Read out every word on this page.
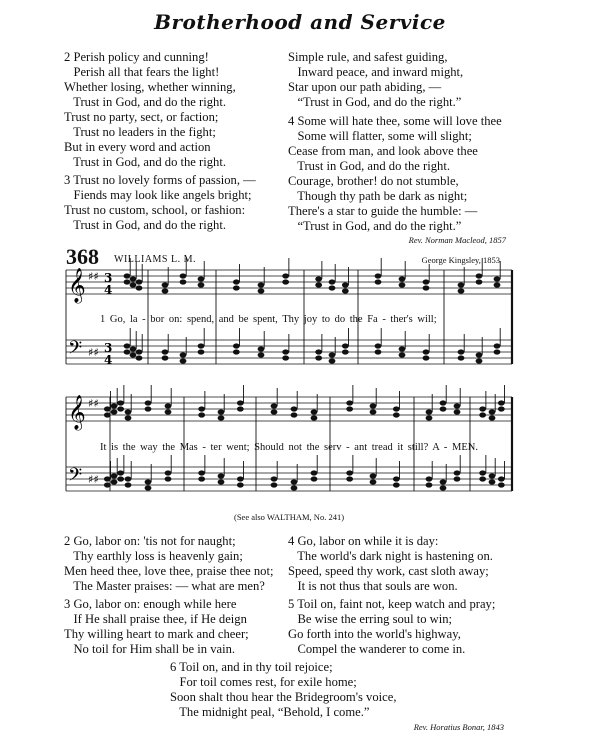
Brotherhood and Service
2 Perish policy and cunning!
Perish all that fears the light!
Whether losing, whether winning,
Trust in God, and do the right.
Trust no party, sect, or faction;
Trust no leaders in the fight;
But in every word and action
Trust in God, and do the right.
3 Trust no lovely forms of passion, —
Fiends may look like angels bright;
Trust no custom, school, or fashion:
Trust in God, and do the right.
Simple rule, and safest guiding,
Inward peace, and inward might,
Star upon our path abiding, —
“Trust in God, and do the right.”
4 Some will hate thee, some will love thee
Some will flatter, some will slight;
Cease from man, and look above thee
Trust in God, and do the right.
Courage, brother! do not stumble,
Though thy path be dark as night;
There's a star to guide the humble: —
“Trust in God, and do the right.”
Rev. Norman Macleod, 1857
368 WILLIAMS L. M.	George Kingsley, 1853
𝄞 ♯♯ 3
4
𝄢 ♯♯ 3
4
𝄞 ♯♯
𝄢 ♯♯
1 Go, la - bor on: spend, and be spent, Thy joy to do the Fa - ther's will;
It is the way the Mas - ter went; Should not the serv - ant tread it still? A - MEN.
(See also WALTHAM, No. 241)
2 Go, labor on: 'tis not for naught;
Thy earthly loss is heavenly gain;
Men heed thee, love thee, praise thee not;
The Master praises: — what are men?
3 Go, labor on: enough while here
If He shall praise thee, if He deign
Thy willing heart to mark and cheer;
No toil for Him shall be in vain.
4 Go, labor on while it is day:
The world's dark night is hastening on.
Speed, speed thy work, cast sloth away;
It is not thus that souls are won.
5 Toil on, faint not, keep watch and pray;
Be wise the erring soul to win;
Go forth into the world's highway,
Compel the wanderer to come in.
6 Toil on, and in thy toil rejoice;
For toil comes rest, for exile home;
Soon shalt thou hear the Bridegroom's voice,
The midnight peal, “Behold, I come.”
Rev. Horatius Bonar, 1843
